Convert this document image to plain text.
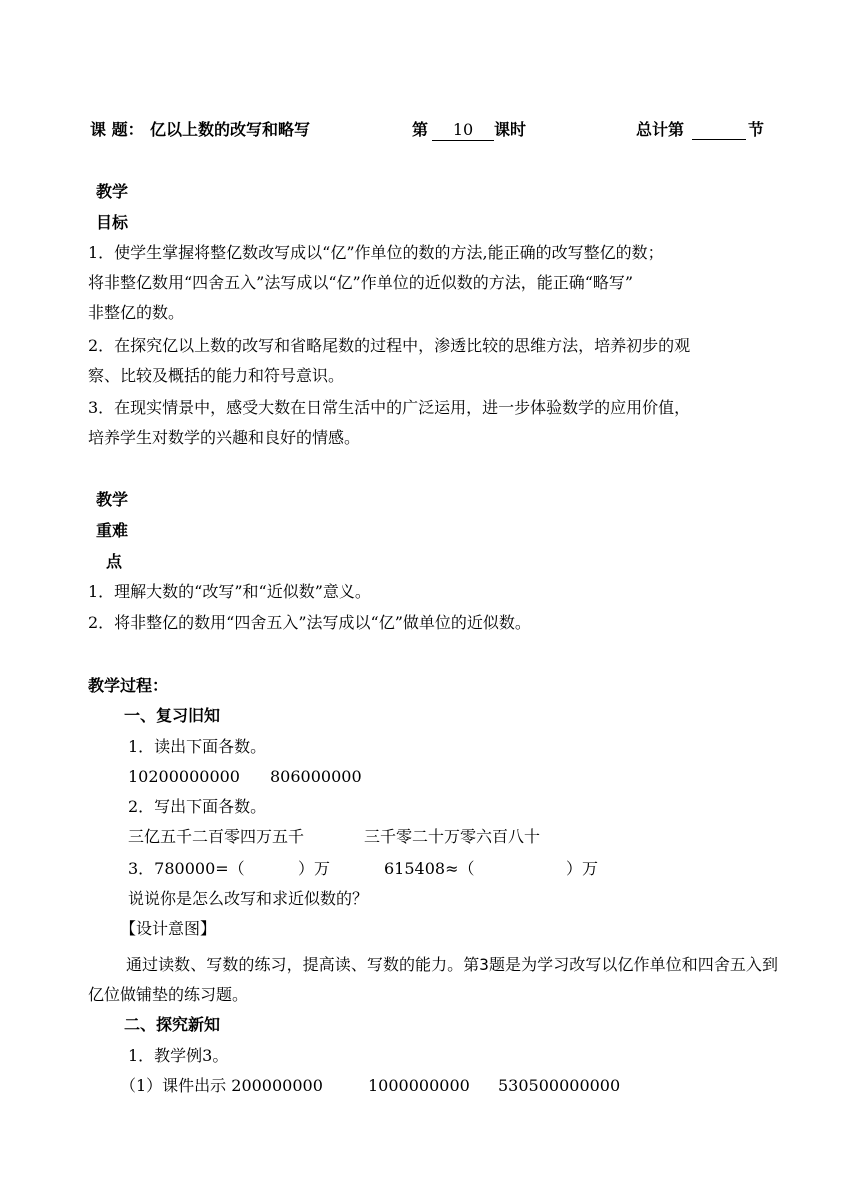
课 题： 亿以上数的改写和略写	第	10	课时	总计第	节
教学
目标
1．使学生掌握将整亿数改写成以“亿”作单位的数的方法,能正确的改写整亿的数；
将非整亿数用“四舍五入”法写成以“亿”作单位的近似数的方法，能正确“略写”
非整亿的数。
2．在探究亿以上数的改写和省略尾数的过程中，渗透比较的思维方法，培养初步的观
察、比较及概括的能力和符号意识。
3．在现实情景中，感受大数在日常生活中的广泛运用，进一步体验数学的应用价值，
培养学生对数学的兴趣和良好的情感。
教学
重难
点
1．理解大数的“改写”和“近似数”意义。
2．将非整亿的数用“四舍五入”法写成以“亿”做单位的近似数。
教学过程：
一、复习旧知
1．读出下面各数。
10200000000 806000000
2．写出下面各数。
三亿五千二百零四万五千	三千零二十万零六百八十
3．780000=（	）万	615408≈（	）万
说说你是怎么改写和求近似数的？
【设计意图】
通过读数、写数的练习，提高读、写数的能力。第3题是为学习改写以亿作单位和四舍五入到亿位做铺垫的练习题。
二、探究新知
1．教学例3。
（1）课件出示 200000000	1000000000 530500000000
